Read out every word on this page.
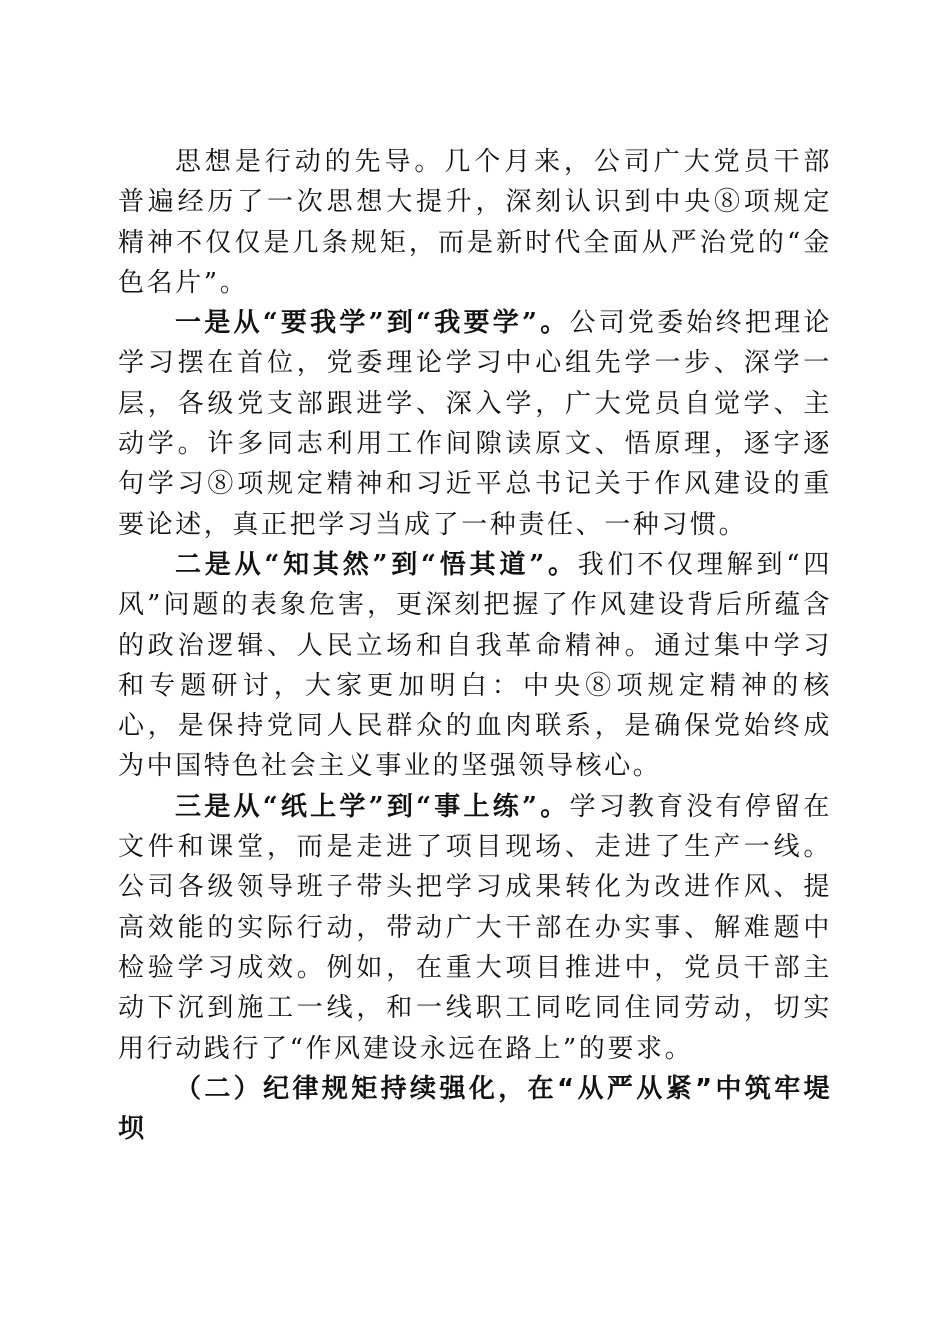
思想是行动的先导。几个月来，公司广大党员干部普遍经历了一次思想大提升，深刻认识到中央⑧项规定精神不仅仅是几条规矩，而是新时代全面从严治党的“金色名片”。

一是从“要我学”到“我要学”。公司党委始终把理论学习摆在首位，党委理论学习中心组先学一步、深学一层，各级党支部跟进学、深入学，广大党员自觉学、主动学。许多同志利用工作间隙读原文、悟原理，逐字逐句学习⑧项规定精神和习近平总书记关于作风建设的重要论述，真正把学习当成了一种责任、一种习惯。

二是从“知其然”到“悟其道”。我们不仅理解到“四风”问题的表象危害，更深刻把握了作风建设背后所蕴含的政治逻辑、人民立场和自我革命精神。通过集中学习和专题研讨，大家更加明白：中央⑧项规定精神的核心，是保持党同人民群众的血肉联系，是确保党始终成为中国特色社会主义事业的坚强领导核心。

三是从“纸上学”到“事上练”。学习教育没有停留在文件和课堂，而是走进了项目现场、走进了生产一线。公司各级领导班子带头把学习成果转化为改进作风、提高效能的实际行动，带动广大干部在办实事、解难题中检验学习成效。例如，在重大项目推进中，党员干部主动下沉到施工一线，和一线职工同吃同住同劳动，切实用行动践行了“作风建设永远在路上”的要求。

（二）纪律规矩持续强化，在“从严从紧”中筑牢堤坝
